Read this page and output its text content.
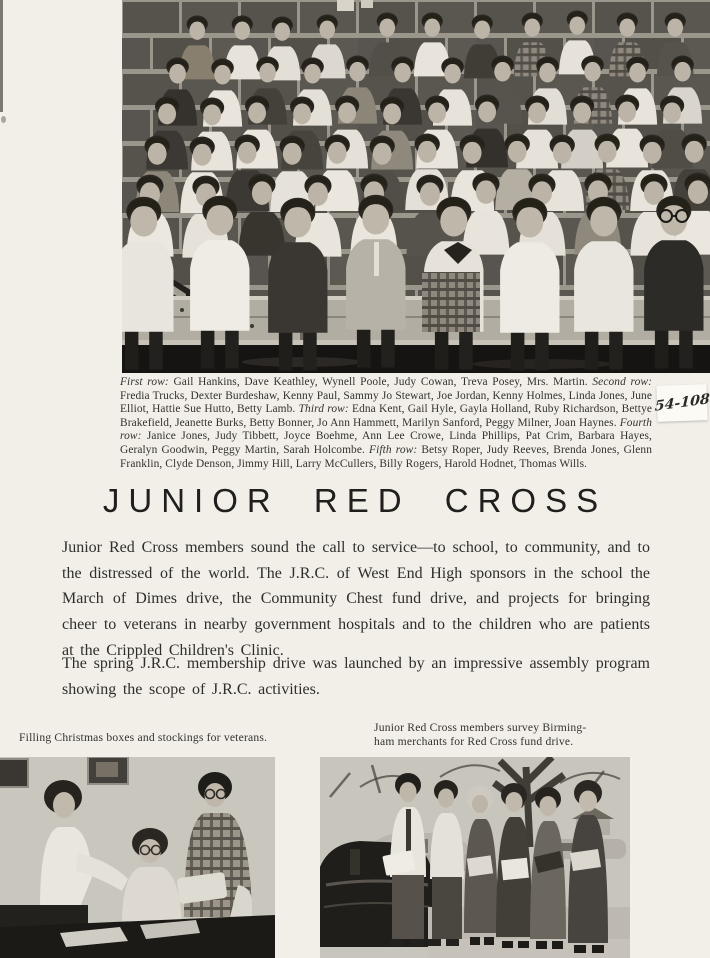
First row: Gail Hankins, Dave Keathley, Wynell Poole, Judy Cowan, Treva Posey, Mrs. Martin. Second row: Fredia Trucks, Dexter Burdeshaw, Kenny Paul, Sammy Jo Stewart, Joe Jordan, Kenny Holmes, Linda Jones, June Elliot, Hattie Sue Hutto, Betty Lamb. Third row: Edna Kent, Gail Hyle, Gayla Holland, Ruby Richardson, Bettye Brakefield, Jeanette Burks, Betty Bonner, Jo Ann Hammett, Marilyn Sanford, Peggy Milner, Joan Haynes. Fourth row: Janice Jones, Judy Tibbett, Joyce Boehme, Ann Lee Crowe, Linda Phillips, Pat Crim, Barbara Hayes, Geralyn Goodwin, Peggy Martin, Sarah Holcombe. Fifth row: Betsy Roper, Judy Reeves, Brenda Jones, Glenn Franklin, Clyde Denson, Jimmy Hill, Larry McCullers, Billy Rogers, Harold Hodnet, Thomas Wills.

54-108
JUNIOR RED CROSS

Junior Red Cross members sound the call to service—to school, to community, and to the distressed of the world. The J.R.C. of West End High sponsors in the school the March of Dimes drive, the Community Chest fund drive, and projects for bringing cheer to veterans in nearby government hospitals and to the children who are patients at the Crippled Children's Clinic.

The spring J.R.C. membership drive was launched by an impressive assembly program showing the scope of J.R.C. activities.

Filling Christmas boxes and stockings for veterans.
Junior Red Cross members survey Birming-
ham merchants for Red Cross fund drive.
